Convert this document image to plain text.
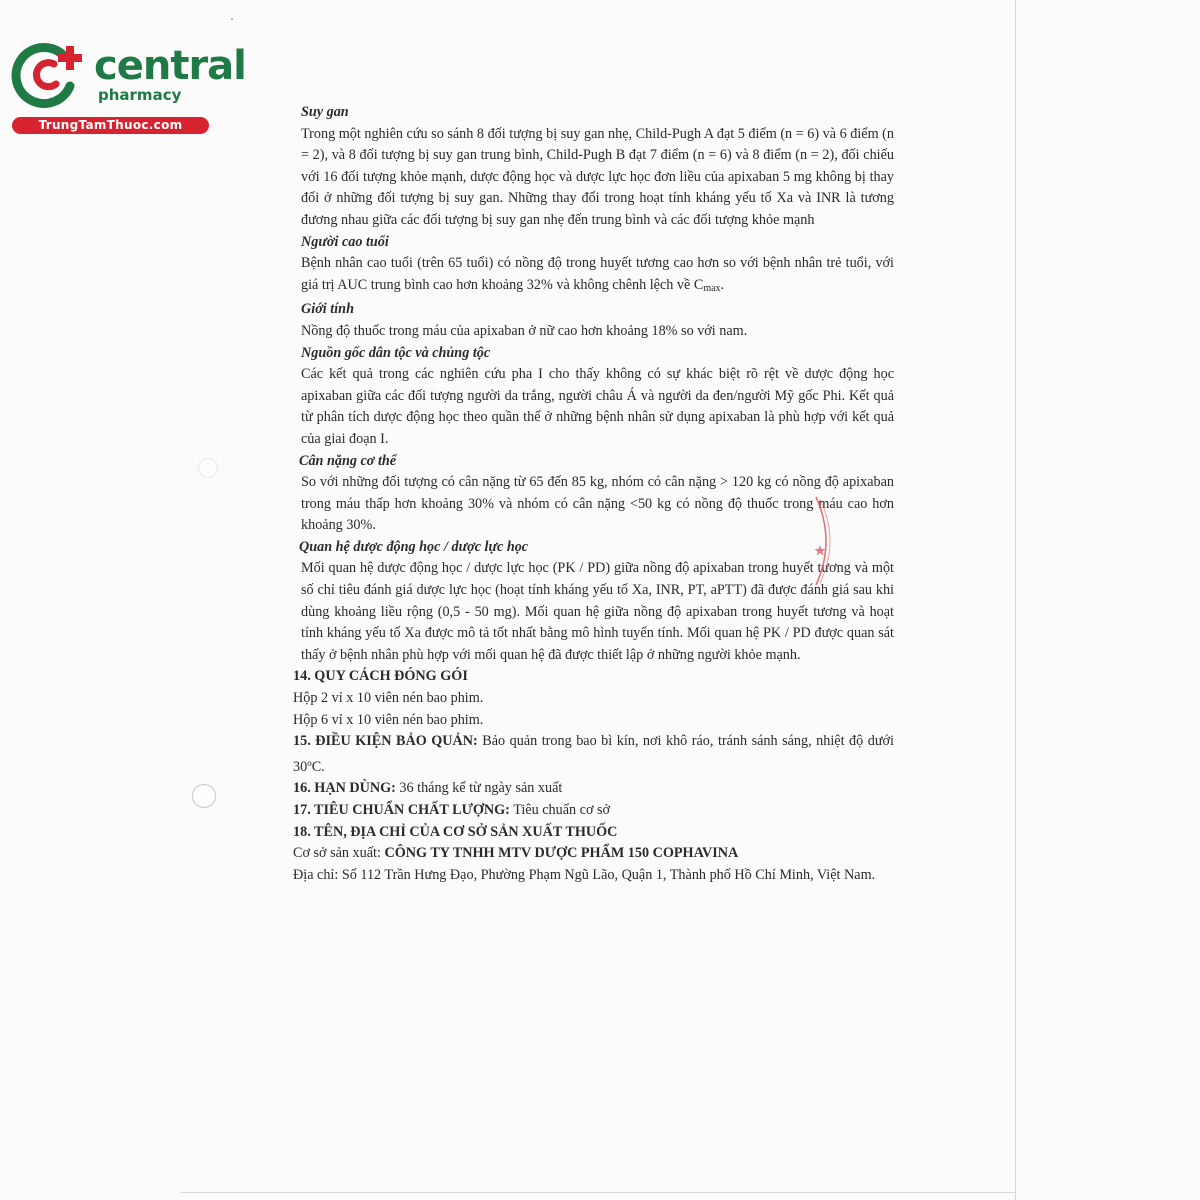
central
pharmacy
TrungTamThuoc.com

Suy gan

Trong một nghiên cứu so sánh 8 đối tượng bị suy gan nhẹ, Child-Pugh A đạt 5 điểm (n = 6) và 6 điểm (n = 2), và 8 đối tượng bị suy gan trung bình, Child-Pugh B đạt 7 điểm (n = 6) và 8 điểm (n = 2), đối chiếu với 16 đối tượng khỏe mạnh, dược động học và dược lực học đơn liều của apixaban 5 mg không bị thay đổi ở những đối tượng bị suy gan. Những thay đổi trong hoạt tính kháng yếu tố Xa và INR là tương đương nhau giữa các đối tượng bị suy gan nhẹ đến trung bình và các đối tượng khỏe mạnh

Người cao tuổi

Bệnh nhân cao tuổi (trên 65 tuổi) có nồng độ trong huyết tương cao hơn so với bệnh nhân trẻ tuổi, với giá trị AUC trung bình cao hơn khoảng 32% và không chênh lệch về $C_{max}$.

Giới tính

Nồng độ thuốc trong máu của apixaban ở nữ cao hơn khoảng 18% so với nam.

Nguồn gốc dân tộc và chủng tộc

Các kết quả trong các nghiên cứu pha I cho thấy không có sự khác biệt rõ rệt về dược động học apixaban giữa các đối tượng người da trắng, người châu Á và người da đen/người Mỹ gốc Phi. Kết quả từ phân tích dược động học theo quần thể ở những bệnh nhân sử dụng apixaban là phù hợp với kết quả của giai đoạn I.

Cân nặng cơ thể

So với những đối tượng có cân nặng từ 65 đến 85 kg, nhóm có cân nặng > 120 kg có nồng độ apixaban trong máu thấp hơn khoảng 30% và nhóm có cân nặng <50 kg có nồng độ thuốc trong máu cao hơn khoảng 30%.

Quan hệ dược động học / dược lực học

Mối quan hệ dược động học / dược lực học (PK / PD) giữa nồng độ apixaban trong huyết tương và một số chỉ tiêu đánh giá dược lực học (hoạt tính kháng yếu tố Xa, INR, PT, aPTT) đã được đánh giá sau khi dùng khoảng liều rộng (0,5 - 50 mg). Mối quan hệ giữa nồng độ apixaban trong huyết tương và hoạt tính kháng yếu tố Xa được mô tả tốt nhất bằng mô hình tuyến tính. Mối quan hệ PK / PD được quan sát thấy ở bệnh nhân phù hợp với mối quan hệ đã được thiết lập ở những người khỏe mạnh.

14. QUY CÁCH ĐÓNG GÓI

Hộp 2 vỉ x 10 viên nén bao phim.

Hộp 6 vỉ x 10 viên nén bao phim.

15. ĐIỀU KIỆN BẢO QUẢN: Bảo quản trong bao bì kín, nơi khô ráo, tránh sánh sáng, nhiệt độ dưới 30$^o$C.

16. HẠN DÙNG: 36 tháng kể từ ngày sản xuất

17. TIÊU CHUẨN CHẤT LƯỢNG: Tiêu chuẩn cơ sở

18. TÊN, ĐỊA CHỈ CỦA CƠ SỞ SẢN XUẤT THUỐC

Cơ sở sản xuất: CÔNG TY TNHH MTV DƯỢC PHẨM 150 COPHAVINA

Địa chỉ: Số 112 Trần Hưng Đạo, Phường Phạm Ngũ Lão, Quận 1, Thành phố Hồ Chí Minh, Việt Nam.
